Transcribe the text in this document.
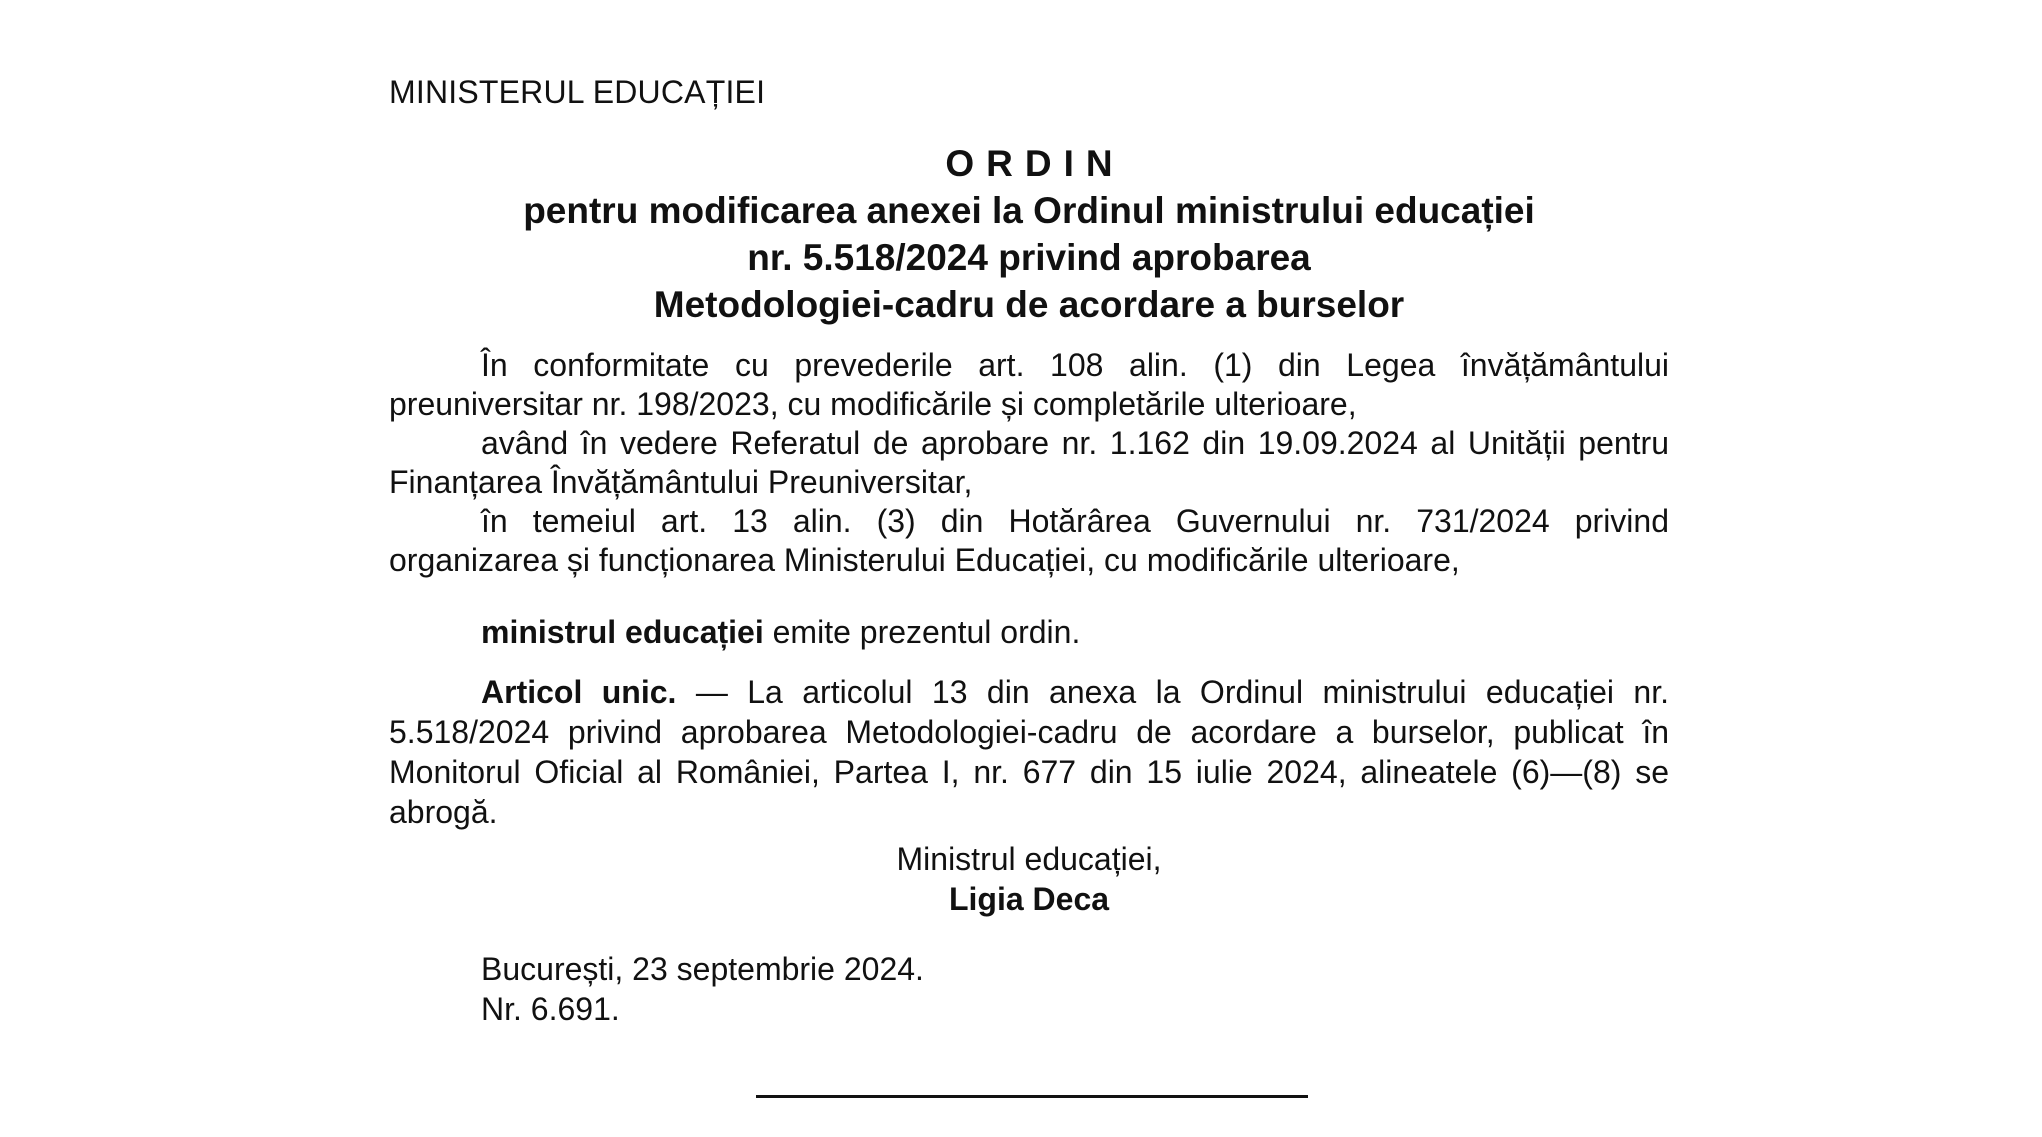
MINISTERUL EDUCAȚIEI
ORDIN
pentru modificarea anexei la Ordinul ministrului educației
nr. 5.518/2024 privind aprobarea
Metodologiei-cadru de acordare a burselor

În conformitate cu prevederile art. 108 alin. (1) din Legea învățământului preuniversitar nr. 198/2023, cu modificările și completările ulterioare,

având în vedere Referatul de aprobare nr. 1.162 din 19.09.2024 al Unității pentru Finanțarea Învățământului Preuniversitar,

în temeiul art. 13 alin. (3) din Hotărârea Guvernului nr. 731/2024 privind organizarea și funcționarea Ministerului Educației, cu modificările ulterioare,

ministrul educației emite prezentul ordin.
Articol unic. — La articolul 13 din anexa la Ordinul ministrului educației nr. 5.518/2024 privind aprobarea Metodologiei-cadru de acordare a burselor, publicat în Monitorul Oficial al României, Partea I, nr. 677 din 15 iulie 2024, alineatele (6)—(8) se abrogă.
Ministrul educației,
Ligia Deca
București, 23 septembrie 2024.
Nr. 6.691.
